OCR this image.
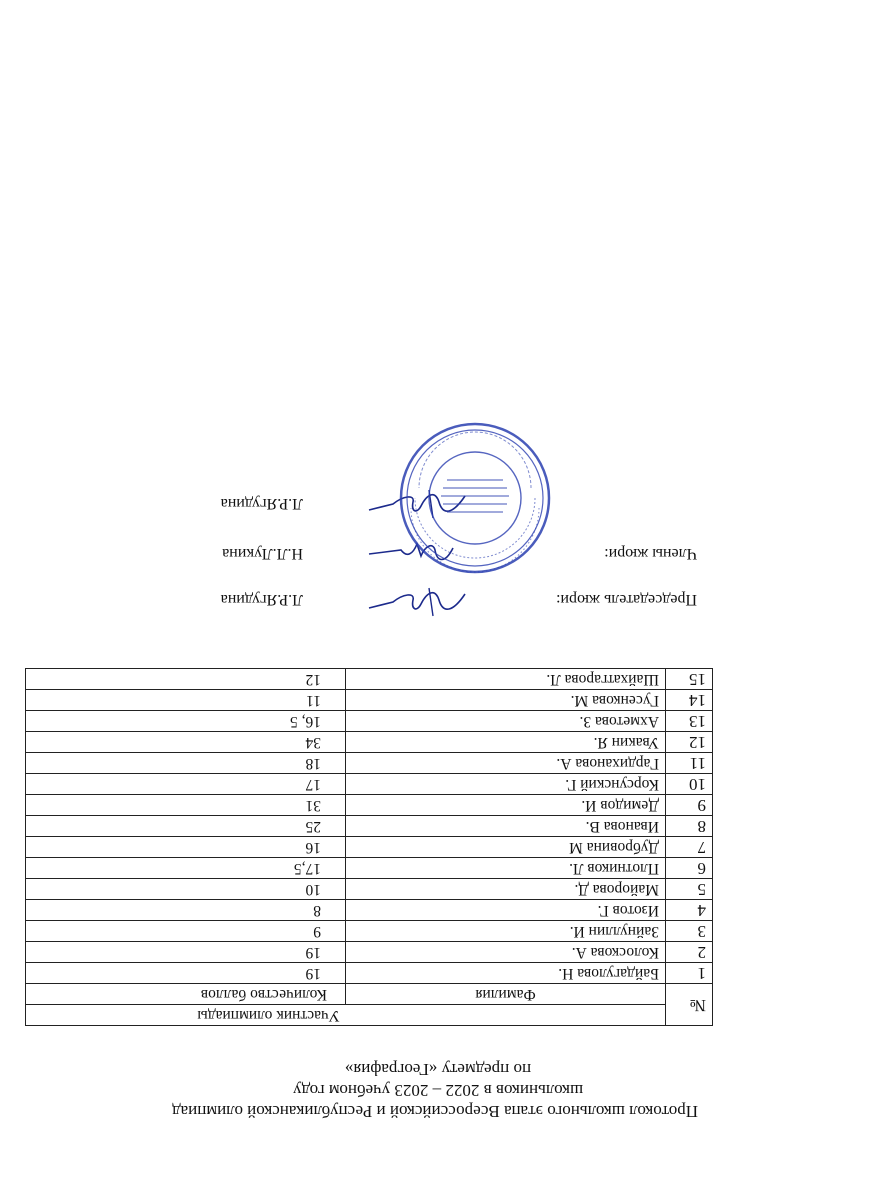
Протокол школьного этапа Всероссийской и Республиканской олимпиад
школьников в 2022 – 2023 учебном году
по предмету «География»
№	Участник олимпиады	
	Фамилия	Количество баллов
1	Байдагулова Н.	19
2	Колоскова А.	19
3	Зайнуллин И.	9
4	Изотов Г.	8
5	Майорова Д.	10
6	Плотников Л.	17,5
7	Дубровина М	16
8	Иванова В.	25
9	Демидов И.	31
10	Корсунский Г.	17
11	Гардиханова А.	18
12	Увакин Я.	34
13	Ахметова З.	16, 5
14	Гусенкова М.	11
15	Шайхатгарова Л.	12
Председатель жюри:
Л.Р.Ягудина
Члены жюри:
Н.Л.Лукина
Л.Р.Ягудина
